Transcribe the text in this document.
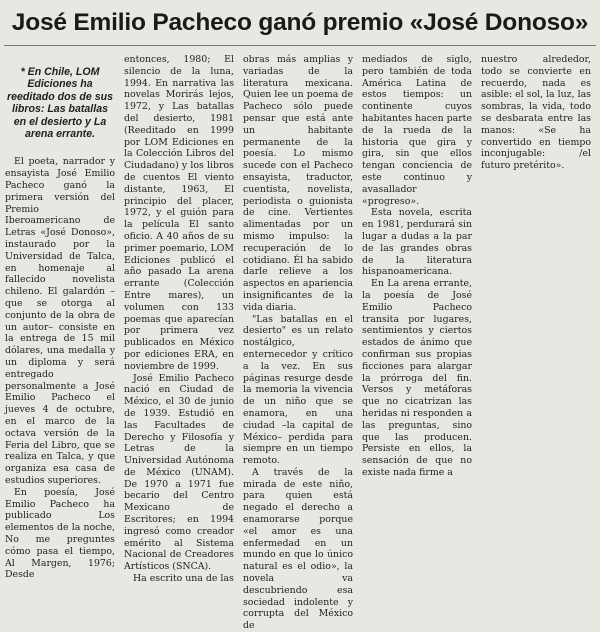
José Emilio Pacheco ganó premio «José Donoso»
* En Chile, LOM Ediciones ha reeditado dos de sus libros: Las batallas en el desierto y La arena errante.

El poeta, narrador y ensayista José Emilio Pacheco ganó la primera versión del Premio Iberoamericano de Letras «José Donoso», instaurado por la Universidad de Talca, en homenaje al fallecido novelista chileno. El galardón –que se otorga al conjunto de la obra de un autor– consiste en la entrega de 15 mil dólares, una medalla y un diploma y será entregado personalmente a José Emilio Pacheco el jueves 4 de octubre, en el marco de la octava versión de la Feria del Libro, que se realiza en Talca, y que organiza esa casa de estudios superiores.

En poesía, José Emilio Pacheco ha publicado Los elementos de la noche, No me preguntes cómo pasa el tiempo, Al Margen, 1976; Desde

entonces, 1980; El silencio de la luna, 1994. En narrativa las novelas Morirás lejos, 1972, y Las batallas del desierto, 1981 (Reeditado en 1999 por LOM Ediciones en la Colección Libros del Ciudadano) y los libros de cuentos El viento distante, 1963, El principio del placer, 1972, y el guión para la película El santo oficio. A 40 años de su primer poemario, LOM Ediciones publicó el año pasado La arena errante (Colección Entre mares), un volumen con 133 poemas que aparecían por primera vez publicados en México por ediciones ERA, en noviembre de 1999.

José Emilio Pacheco nació en Ciudad de México, el 30 de junio de 1939. Estudió en las Facultades de Derecho y Filosofía y Letras de la Universidad Autónoma de México (UNAM). De 1970 a 1971 fue becario del Centro Mexicano de Escritores; en 1994 ingresó como creador emérito al Sistema Nacional de Creadores Artísticos (SNCA).

Ha escrito una de las

obras más amplias y variadas de la literatura mexicana. Quien lee un poema de Pacheco sólo puede pensar que está ante un habitante permanente de la poesía. Lo mismo sucede con el Pacheco ensayista, traductor, cuentista, novelista, periodista o guionista de cine. Vertientes alimentadas por un mismo impulso: la recuperación de lo cotidiano. Él ha sabido darle relieve a los aspectos en apariencia insignificantes de la vida diaria.

"Las batallas en el desierto" es un relato nostálgico, enternecedor y crítico a la vez. En sus páginas resurge desde la memoria la vivencia de un niño que se enamora, en una ciudad –la capital de México– perdida para siempre en un tiempo remoto.

A través de la mirada de este niño, para quien está negado el derecho a enamorarse porque «el amor es una enfermedad en un mundo en que lo único natural es el odio», la novela va descubriendo esa sociedad indolente y corrupta del México de

mediados de siglo, pero también de toda América Latina de estos tiempos: un continente cuyos habitantes hacen parte de la rueda de la historia que gira y gira, sin que ellos tengan conciencia de este continuo y avasallador «progreso».

Esta novela, escrita en 1981, perdurará sin lugar a dudas a la par de las grandes obras de la literatura hispanoamericana.

En La arena errante, la poesía de José Emilio Pacheco transita por lugares, sentimientos y ciertos estados de ánimo que confirman sus propias ficciones para alargar la prórroga del fin. Versos y metáforas que no cicatrizan las heridas ni responden a las preguntas, sino que las producen. Persiste en ellos, la sensación de que no existe nada firme a

nuestro alrededor, todo se convierte en recuerdo, nada es asible: el sol, la luz, las sombras, la vida, todo se desbarata entre las manos: «Se ha convertido en tiempo inconjugable: /el futuro pretérito».
